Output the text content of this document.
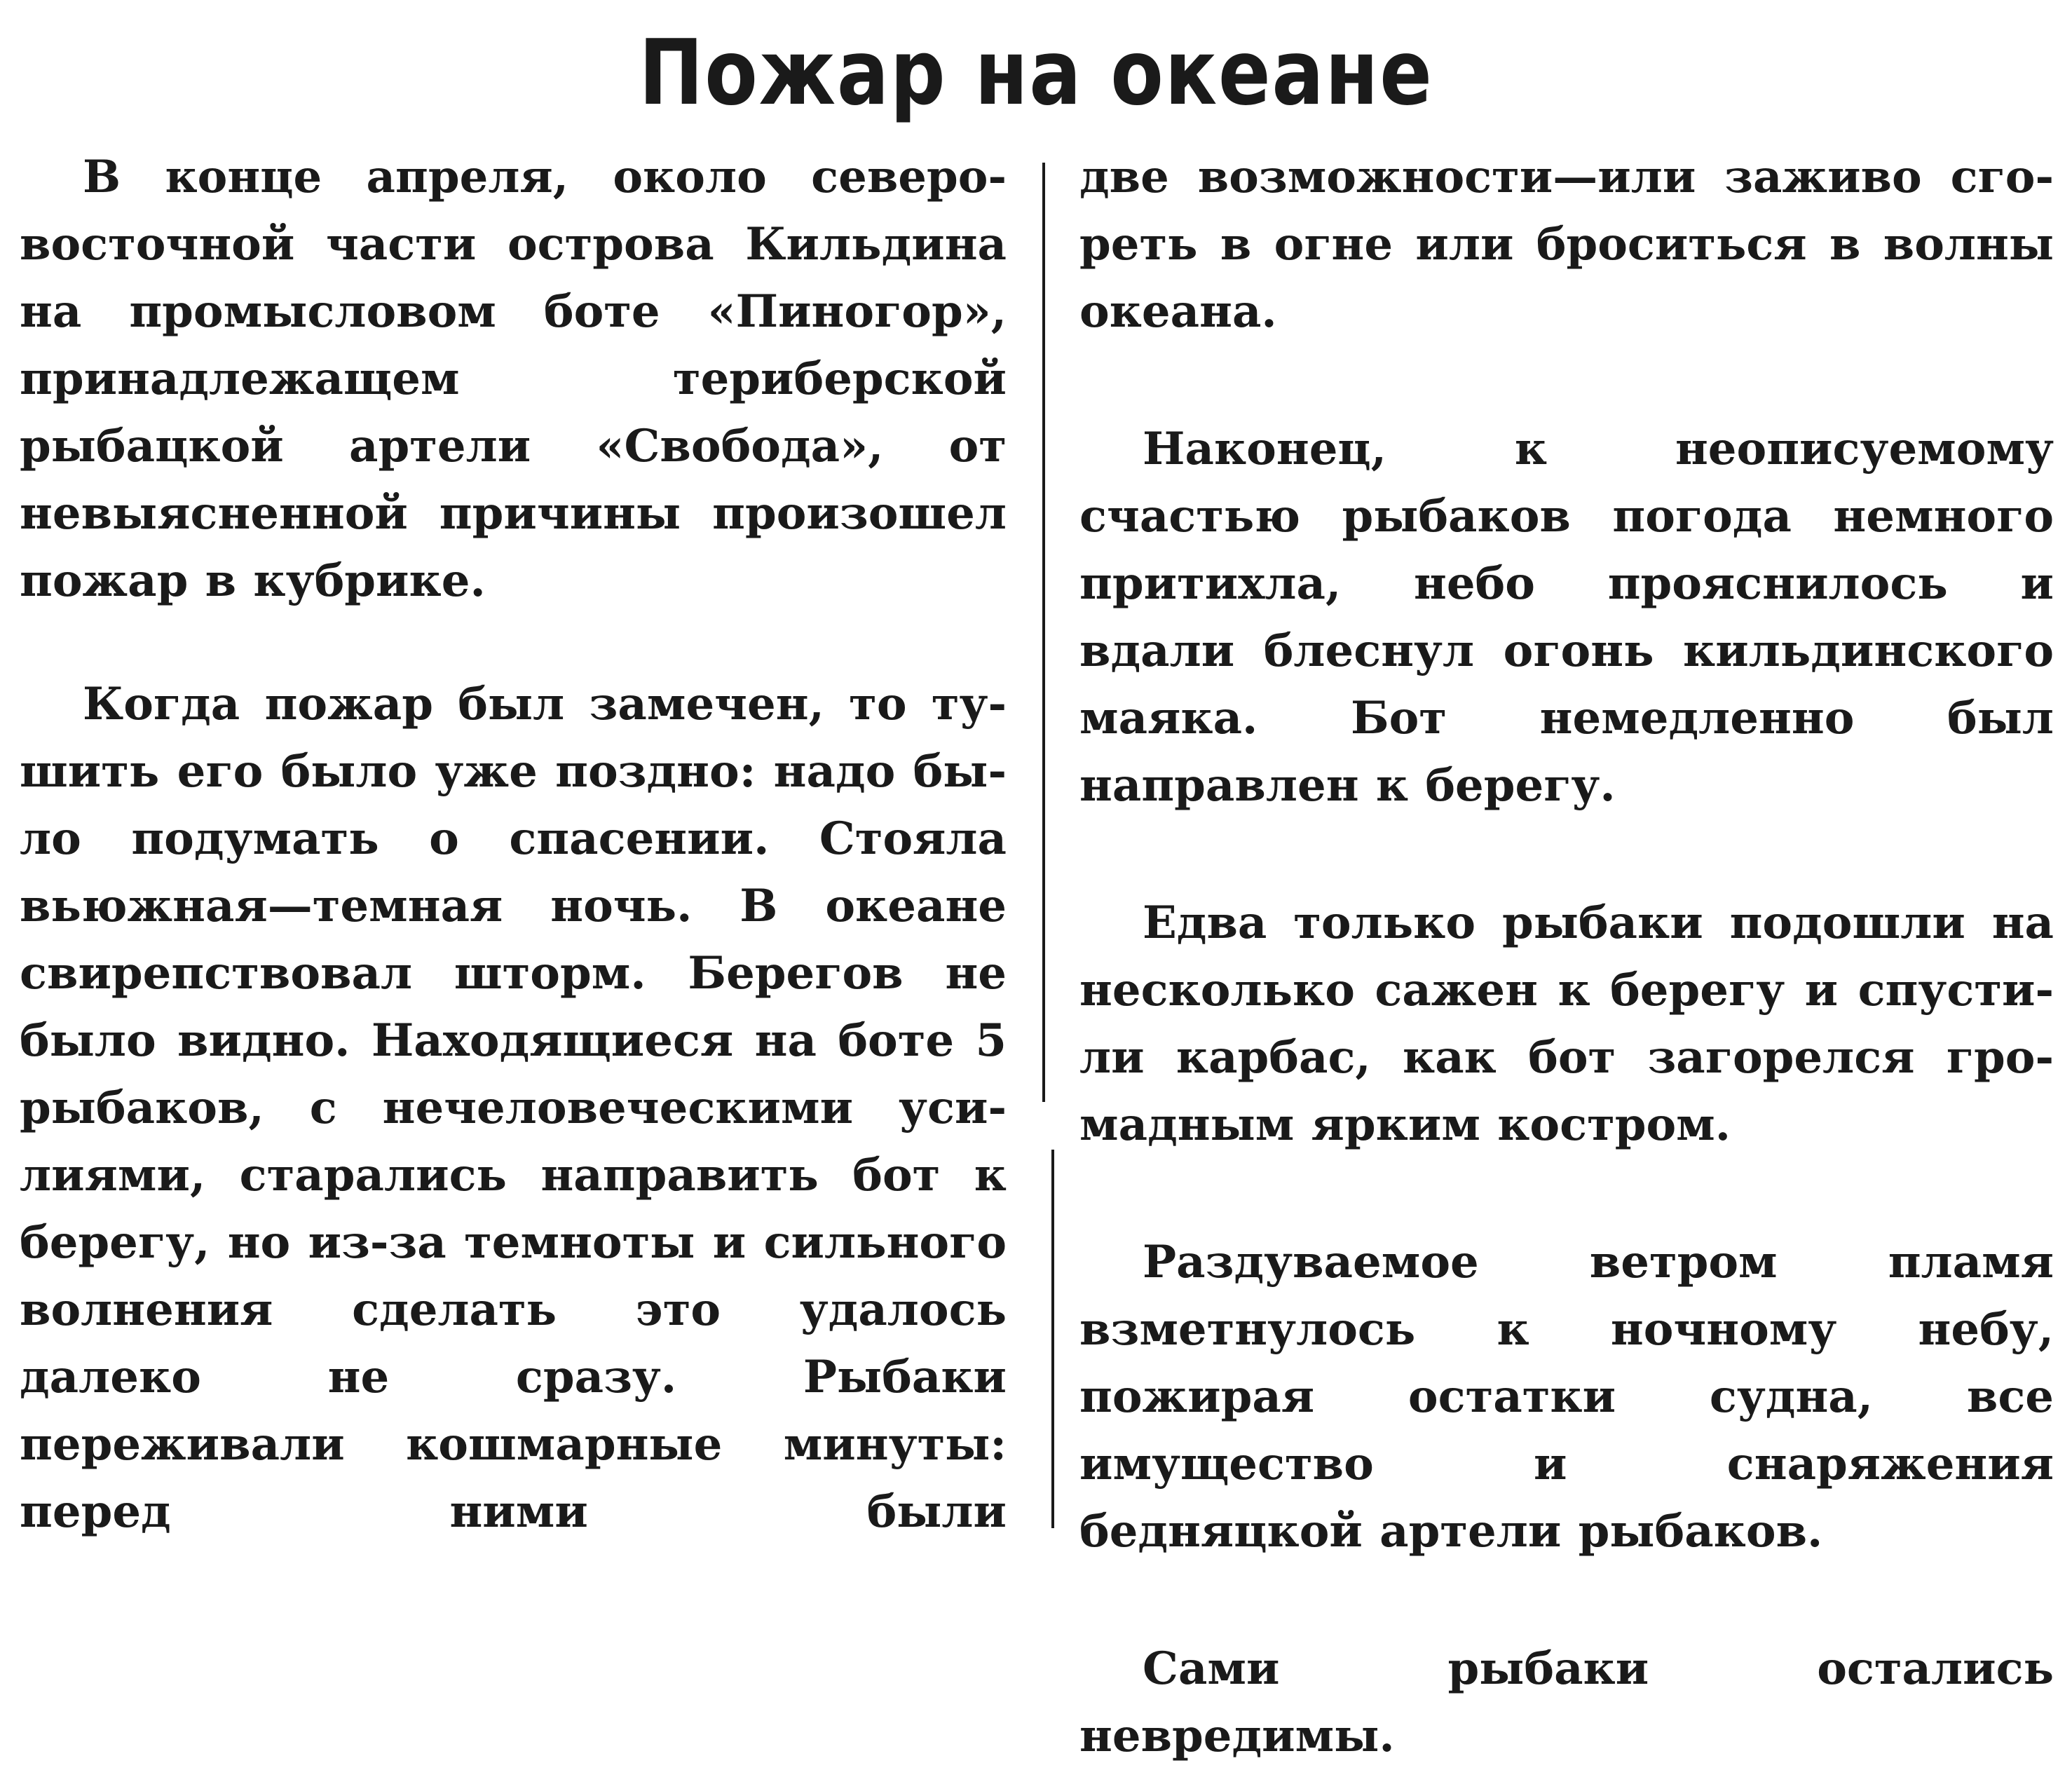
Пожар на океане

В конце апреля, около северо-восточной части острова Кильдина на промысловом боте «Пиногор», принадлежащем териберской рыбацкой артели «Свобода», от невыясненной причины произошел пожар в кубрике.

Когда пожар был замечен, то тушить его было уже поздно: надо было подумать о спасении. Стояла вьюжная—темная ночь. В океане свирепствовал шторм. Берегов не было видно. Находящиеся на боте 5 рыбаков, с нечеловеческими усилиями, старались направить бот к берегу, но из-за темноты и сильного волнения сделать это удалось далеко не сразу. Рыбаки переживали кошмарные минуты: перед ними были

две возможности—или заживо сгореть в огне или броситься в волны океана.

Наконец, к неописуемому счастью рыбаков погода немного притихла, небо прояснилось и вдали блеснул огонь кильдинского маяка. Бот немедленно был направлен к берегу.

Едва только рыбаки подошли на несколько сажен к берегу и спустили карбас, как бот загорелся громадным ярким костром.

Раздуваемое ветром пламя взметнулось к ночному небу, пожирая остатки судна, все имущество и снаряжения бедняцкой артели рыбаков.

Сами рыбаки остались невредимы.
